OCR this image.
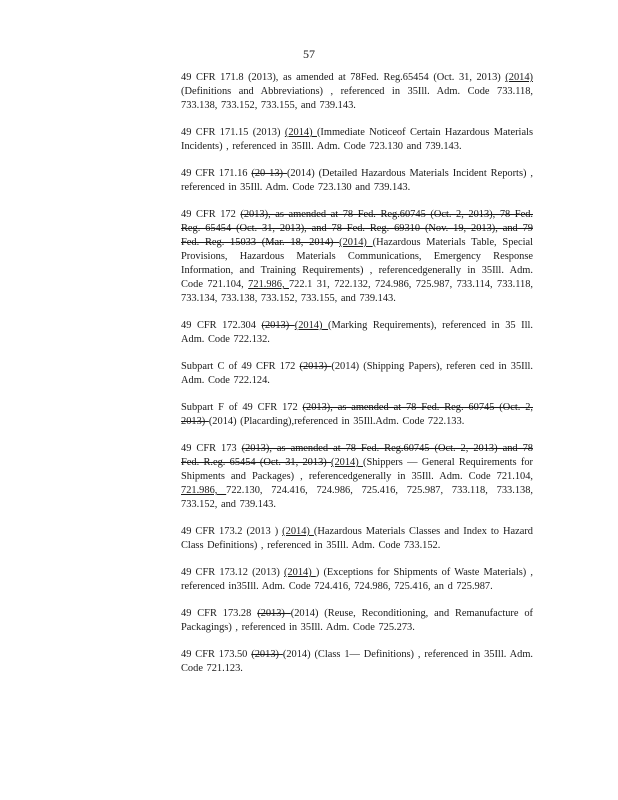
57

49 CFR 171.8 (2013), as amended at 78Fed. Reg.65454 (Oct. 31, 2013) (2014) (Definitions and Abbreviations) , referenced in 35Ill. Adm. Code 733.118, 733.138, 733.152, 733.155, and 739.143.

49 CFR 171.15 (2013) (2014) (Immediate Noticeof Certain Hazardous Materials Incidents) , referenced in 35Ill. Adm. Code 723.130 and 739.143.

49 CFR 171.16 (20 13) (2014) (Detailed Hazardous Materials Incident Reports) , referenced in 35Ill. Adm. Code 723.130 and 739.143.

49 CFR 172 (2013), as amended at 78 Fed. Reg.60745 (Oct. 2, 2013), 78 Fed. Reg. 65454 (Oct. 31, 2013), and 78 Fed. Reg. 69310 (Nov. 19, 2013), and 79 Fed. Reg. 15033 (Mar. 18, 2014) (2014) (Hazardous Materials Table, Special Provisions, Hazardous Materials Communications, Emergency Response Information, and Training Requirements) , referencedgenerally in 35Ill. Adm. Code 721.104, 721.986, 722.1 31, 722.132, 724.986, 725.987, 733.114, 733.118, 733.134, 733.138, 733.152, 733.155, and 739.143.

49 CFR 172.304 (2013) (2014) (Marking Requirements), referenced in 35 Ill. Adm. Code 722.132.

Subpart C of 49 CFR 172 (2013) (2014) (Shipping Papers), referen ced in 35Ill. Adm. Code 722.124.

Subpart F of 49 CFR 172 (2013), as amended at 78 Fed. Reg. 60745 (Oct. 2, 2013) (2014) (Placarding),referenced in 35Ill.Adm. Code 722.133.

49 CFR 173 (2013), as amended at 78 Fed. Reg.60745 (Oct. 2, 2013) and 78 Fed. R.eg. 65454 (Oct. 31, 2013) (2014) (Shippers — General Requirements for Shipments and Packages) , referencedgenerally in 35Ill. Adm. Code 721.104, 721.986, 722.130, 724.416, 724.986, 725.416, 725.987, 733.118, 733.138, 733.152, and 739.143.

49 CFR 173.2 (2013 ) (2014) (Hazardous Materials Classes and Index to Hazard Class Definitions) , referenced in 35Ill. Adm. Code 733.152.

49 CFR 173.12 (2013) (2014) ) (Exceptions for Shipments of Waste Materials) , referenced in35Ill. Adm. Code 724.416, 724.986, 725.416, an d 725.987.

49 CFR 173.28 (2013) (2014) (Reuse, Reconditioning, and Remanufacture of Packagings) , referenced in 35Ill. Adm. Code 725.273.

49 CFR 173.50 (2013) (2014) (Class 1— Definitions) , referenced in 35Ill. Adm. Code 721.123.
